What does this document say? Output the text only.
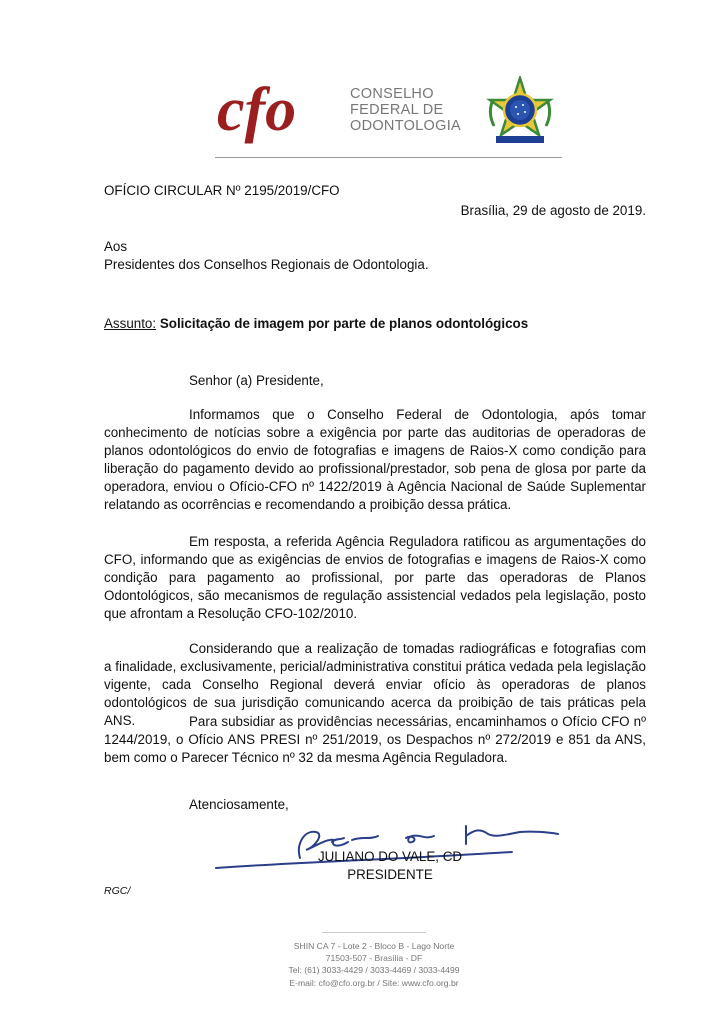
cfo	CONSELHO
FEDERAL DE
ODONTOLOGIA
OFÍCIO CIRCULAR Nº 2195/2019/CFO
Brasília, 29 de agosto de 2019.
Aos
Presidentes dos Conselhos Regionais de Odontologia.
Assunto: Solicitação de imagem por parte de planos odontológicos
Senhor (a) Presidente,

Informamos que o Conselho Federal de Odontologia, após tomar conhecimento de notícias sobre a exigência por parte das auditorias de operadoras de planos odontológicos do envio de fotografias e imagens de Raios-X como condição para liberação do pagamento devido ao profissional/prestador, sob pena de glosa por parte da operadora, enviou o Ofício-CFO nº 1422/2019 à Agência Nacional de Saúde Suplementar relatando as ocorrências e recomendando a proibição dessa prática.

Em resposta, a referida Agência Reguladora ratificou as argumentações do CFO, informando que as exigências de envios de fotografias e imagens de Raios-X como condição para pagamento ao profissional, por parte das operadoras de Planos Odontológicos, são mecanismos de regulação assistencial vedados pela legislação, posto que afrontam a Resolução CFO-102/2010.

Considerando que a realização de tomadas radiográficas e fotografias com a finalidade, exclusivamente, pericial/administrativa constitui prática vedada pela legislação vigente, cada Conselho Regional deverá enviar ofício às operadoras de planos odontológicos de sua jurisdição comunicando acerca da proibição de tais práticas pela ANS.	Para subsidiar as providências necessárias, encaminhamos o Ofício CFO nº 1244/2019, o Ofício ANS PRESI nº 251/2019, os Despachos nº 272/2019 e 851 da ANS, bem como o Parecer Técnico nº 32 da mesma Agência Reguladora.

Atenciosamente,
JULIANO DO VALE, CD
PRESIDENTE
RGC/
SHIN CA 7 - Lote 2 - Bloco B - Lago Norte
71503-507 - Brasília - DF
Tel: (61) 3033-4429 / 3033-4469 / 3033-4499
E-mail: cfo@cfo.org.br / Site: www.cfo.org.br
